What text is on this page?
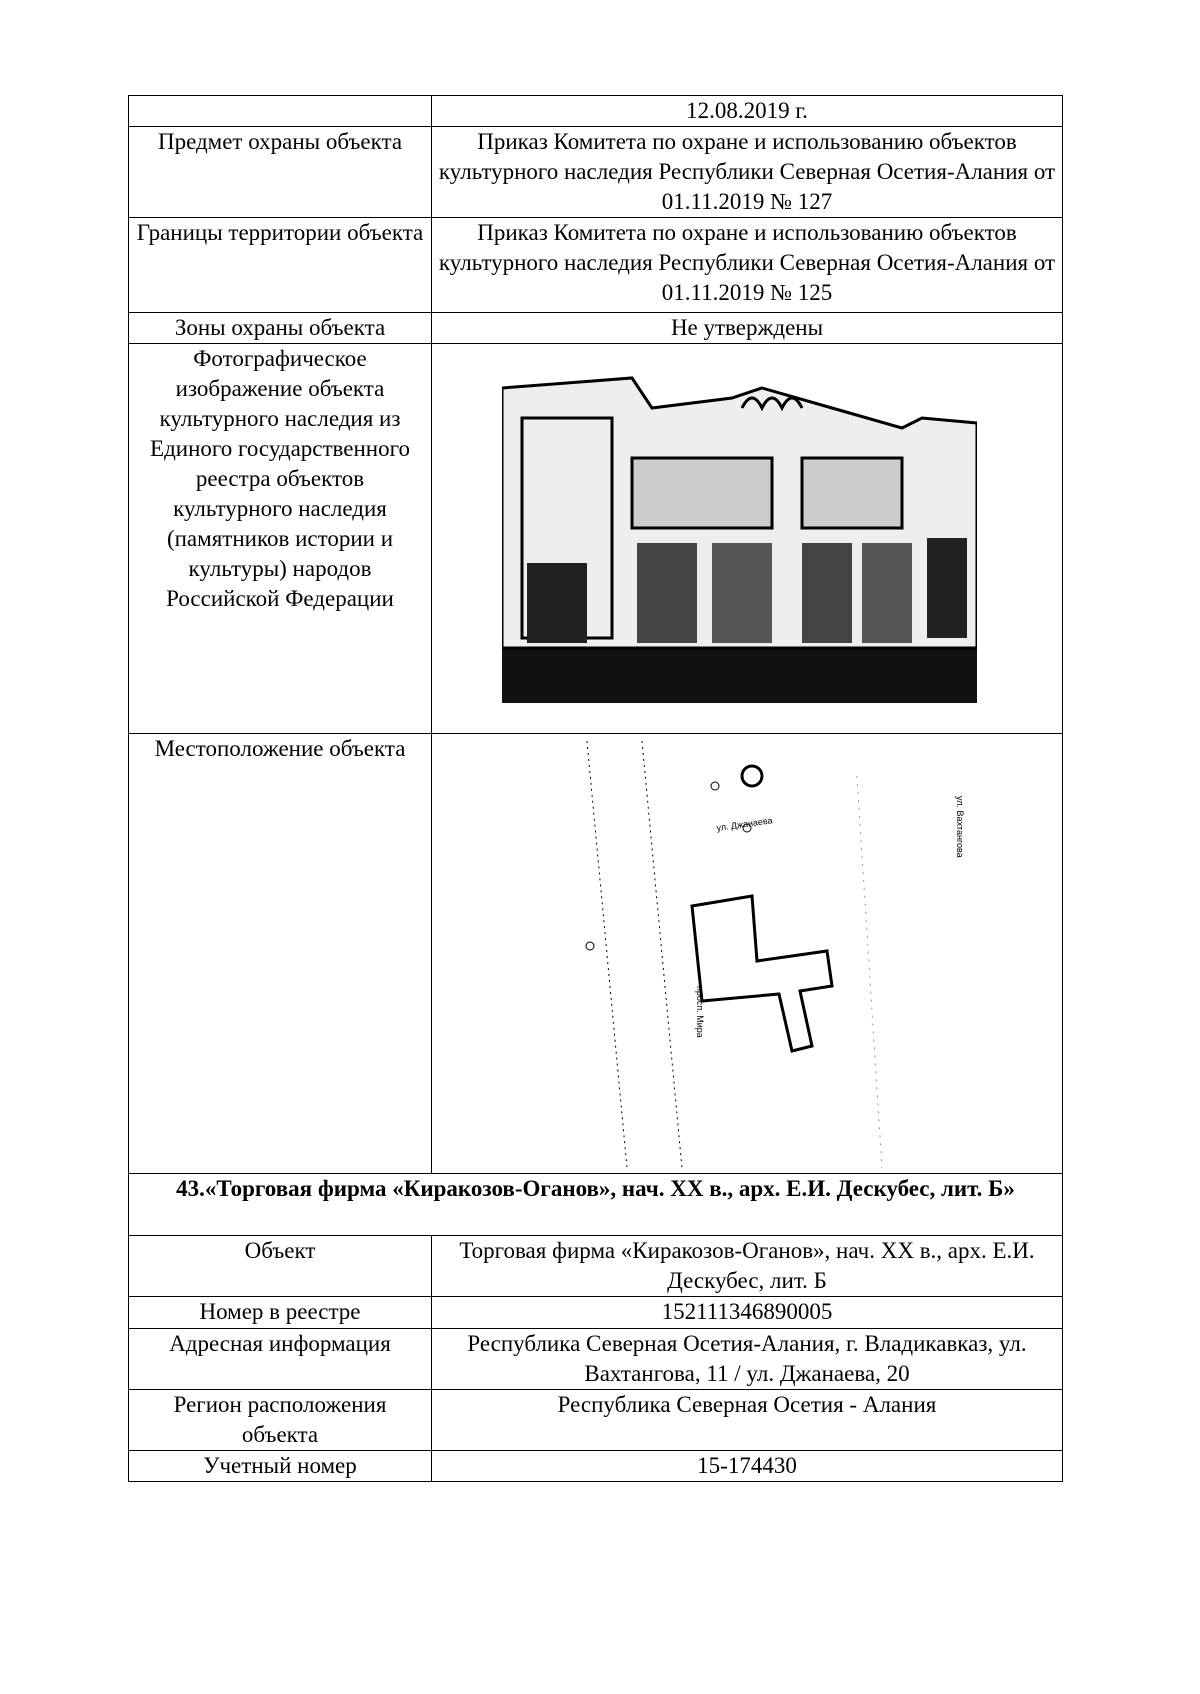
	12.08.2019 г.
Предмет охраны объекта	Приказ Комитета по охране и использованию объектов культурного наследия Республики Северная Осетия-Алания от 01.11.2019 № 127
Границы территории объекта	Приказ Комитета по охране и использованию объектов культурного наследия Республики Северная Осетия-Алания от 01.11.2019 № 125
Зоны охраны объекта	Не утверждены
Фотографическое изображение объекта культурного наследия из Единого государственного реестра объектов культурного наследия (памятников истории и культуры) народов Российской Федерации	

Местоположение объекта	ул. Джанаева ул. Вахтангова
просп. Мира

43.«Торговая фирма «Киракозов-Оганов», нач. XX в., арх. Е.И. Дескубес, лит. Б»	
Объект	Торговая фирма «Киракозов-Оганов», нач. XX в., арх. Е.И. Дескубес, лит. Б
Номер в реестре	152111346890005
Адресная информация	Республика Северная Осетия-Алания, г. Владикавказ, ул. Вахтангова, 11 / ул. Джанаева, 20
Регион расположения объекта	Республика Северная Осетия - Алания
Учетный номер	15-174430
